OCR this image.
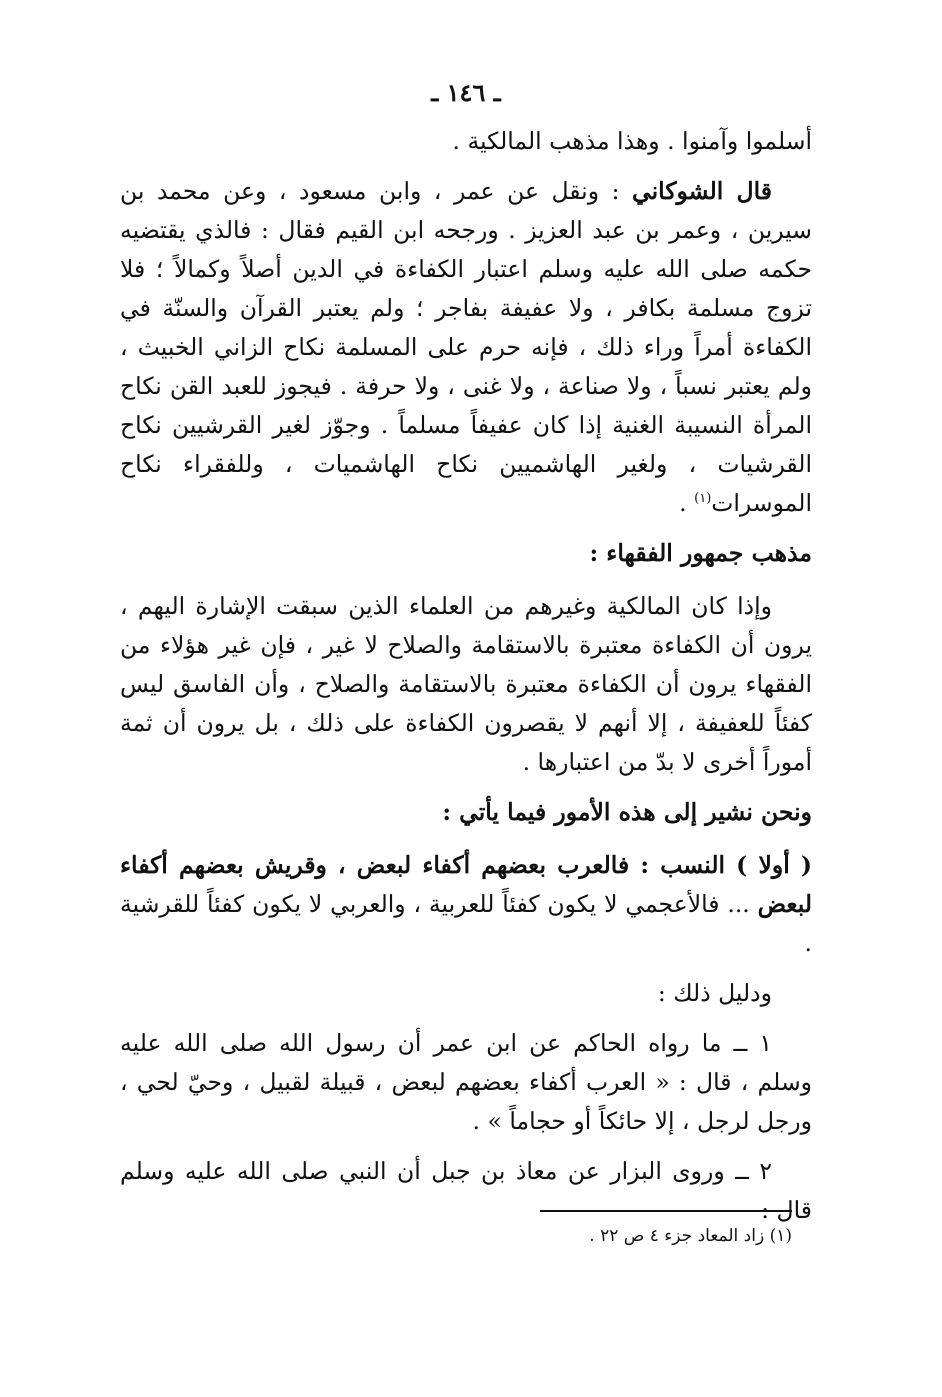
ـ ١٤٦ ـ

أسلموا وآمنوا . وهذا مذهب المالكية .

قال الشوكاني : ونقل عن عمر ، وابن مسعود ، وعن محمد بن سيرين ، وعمر بن عبد العزيز . ورجحه ابن القيم فقال : فالذي يقتضيه حكمه صلى الله عليه وسلم اعتبار الكفاءة في الدين أصلاً وكمالاً ؛ فلا تزوج مسلمة بكافر ، ولا عفيفة بفاجر ؛ ولم يعتبر القرآن والسنّة في الكفاءة أمراً وراء ذلك ، فإنه حرم على المسلمة نكاح الزاني الخبيث ، ولم يعتبر نسباً ، ولا صناعة ، ولا غنى ، ولا حرفة . فيجوز للعبد القن نكاح المرأة النسيبة الغنية إذا كان عفيفاً مسلماً . وجوّز لغير القرشيين نكاح القرشيات ، ولغير الهاشميين نكاح الهاشميات ، وللفقراء نكاح الموسرات$^{(١)}$ .

مذهب جمهور الفقهاء :

وإذا كان المالكية وغيرهم من العلماء الذين سبقت الإشارة اليهم ، يرون أن الكفاءة معتبرة بالاستقامة والصلاح لا غير ، فإن غير هؤلاء من الفقهاء يرون أن الكفاءة معتبرة بالاستقامة والصلاح ، وأن الفاسق ليس كفئاً للعفيفة ، إلا أنهم لا يقصرون الكفاءة على ذلك ، بل يرون أن ثمة أموراً أخرى لا بدّ من اعتبارها .

ونحن نشير إلى هذه الأمور فيما يأتي :

( أولا ) النسب : فالعرب بعضهم أكفاء لبعض ، وقريش بعضهم أكفاء لبعض ... فالأعجمي لا يكون كفئاً للعربية ، والعربي لا يكون كفئاً للقرشية .

ودليل ذلك :

١ ــ ما رواه الحاكم عن ابن عمر أن رسول الله صلى الله عليه وسلم ، قال : « العرب أكفاء بعضهم لبعض ، قبيلة لقبيل ، وحيّ لحي ، ورجل لرجل ، إلا حائكاً أو حجاماً » .

٢ ــ وروى البزار عن معاذ بن جبل أن النبي صلى الله عليه وسلم قال :

(١) زاد المعاد جزء ٤ ص ٢٢ .
